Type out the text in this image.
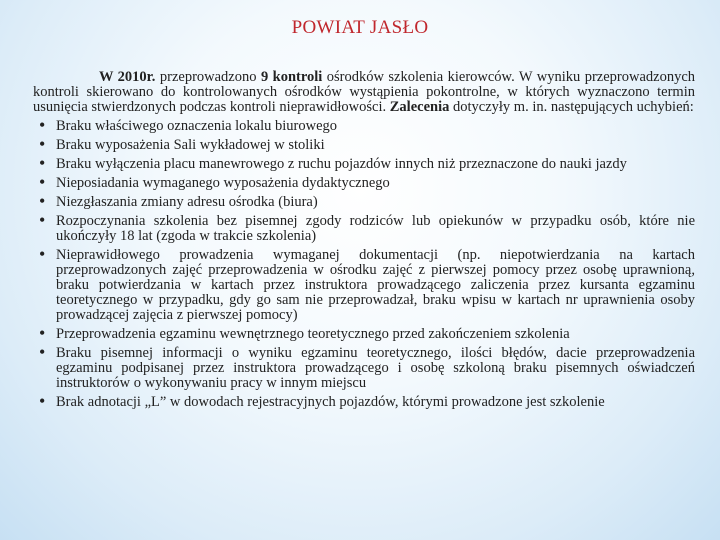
POWIAT JASŁO

W 2010r. przeprowadzono 9 kontroli ośrodków szkolenia kierowców. W wyniku przeprowadzonych kontroli skierowano do kontrolowanych ośrodków wystąpienia pokontrolne, w których wyznaczono termin usunięcia stwierdzonych podczas kontroli nieprawidłowości. Zalecenia dotyczyły m. in. następujących uchybień:

• Braku właściwego oznaczenia lokalu biurowego
• Braku wyposażenia Sali wykładowej w stoliki
• Braku wyłączenia placu manewrowego z ruchu pojazdów innych niż przeznaczone do nauki jazdy
• Nieposiadania wymaganego wyposażenia dydaktycznego
• Niezgłaszania zmiany adresu ośrodka (biura)
• Rozpoczynania szkolenia bez pisemnej zgody rodziców lub opiekunów w przypadku osób, które nie ukończyły 18 lat (zgoda w trakcie szkolenia)
• Nieprawidłowego prowadzenia wymaganej dokumentacji (np. niepotwierdzania na kartach przeprowadzonych zajęć przeprowadzenia w ośrodku zajęć z pierwszej pomocy przez osobę uprawnioną, braku potwierdzania w kartach przez instruktora prowadzącego zaliczenia przez kursanta egzaminu teoretycznego w przypadku, gdy go sam nie przeprowadzał, braku wpisu w kartach nr uprawnienia osoby prowadzącej zajęcia z pierwszej pomocy)
• Przeprowadzenia egzaminu wewnętrznego teoretycznego przed zakończeniem szkolenia
• Braku pisemnej informacji o wyniku egzaminu teoretycznego, ilości błędów, dacie przeprowadzenia egzaminu podpisanej przez instruktora prowadzącego i osobę szkoloną braku pisemnych oświadczeń instruktorów o wykonywaniu pracy w innym miejscu
• Brak adnotacji „L” w dowodach rejestracyjnych pojazdów, którymi prowadzone jest szkolenie
